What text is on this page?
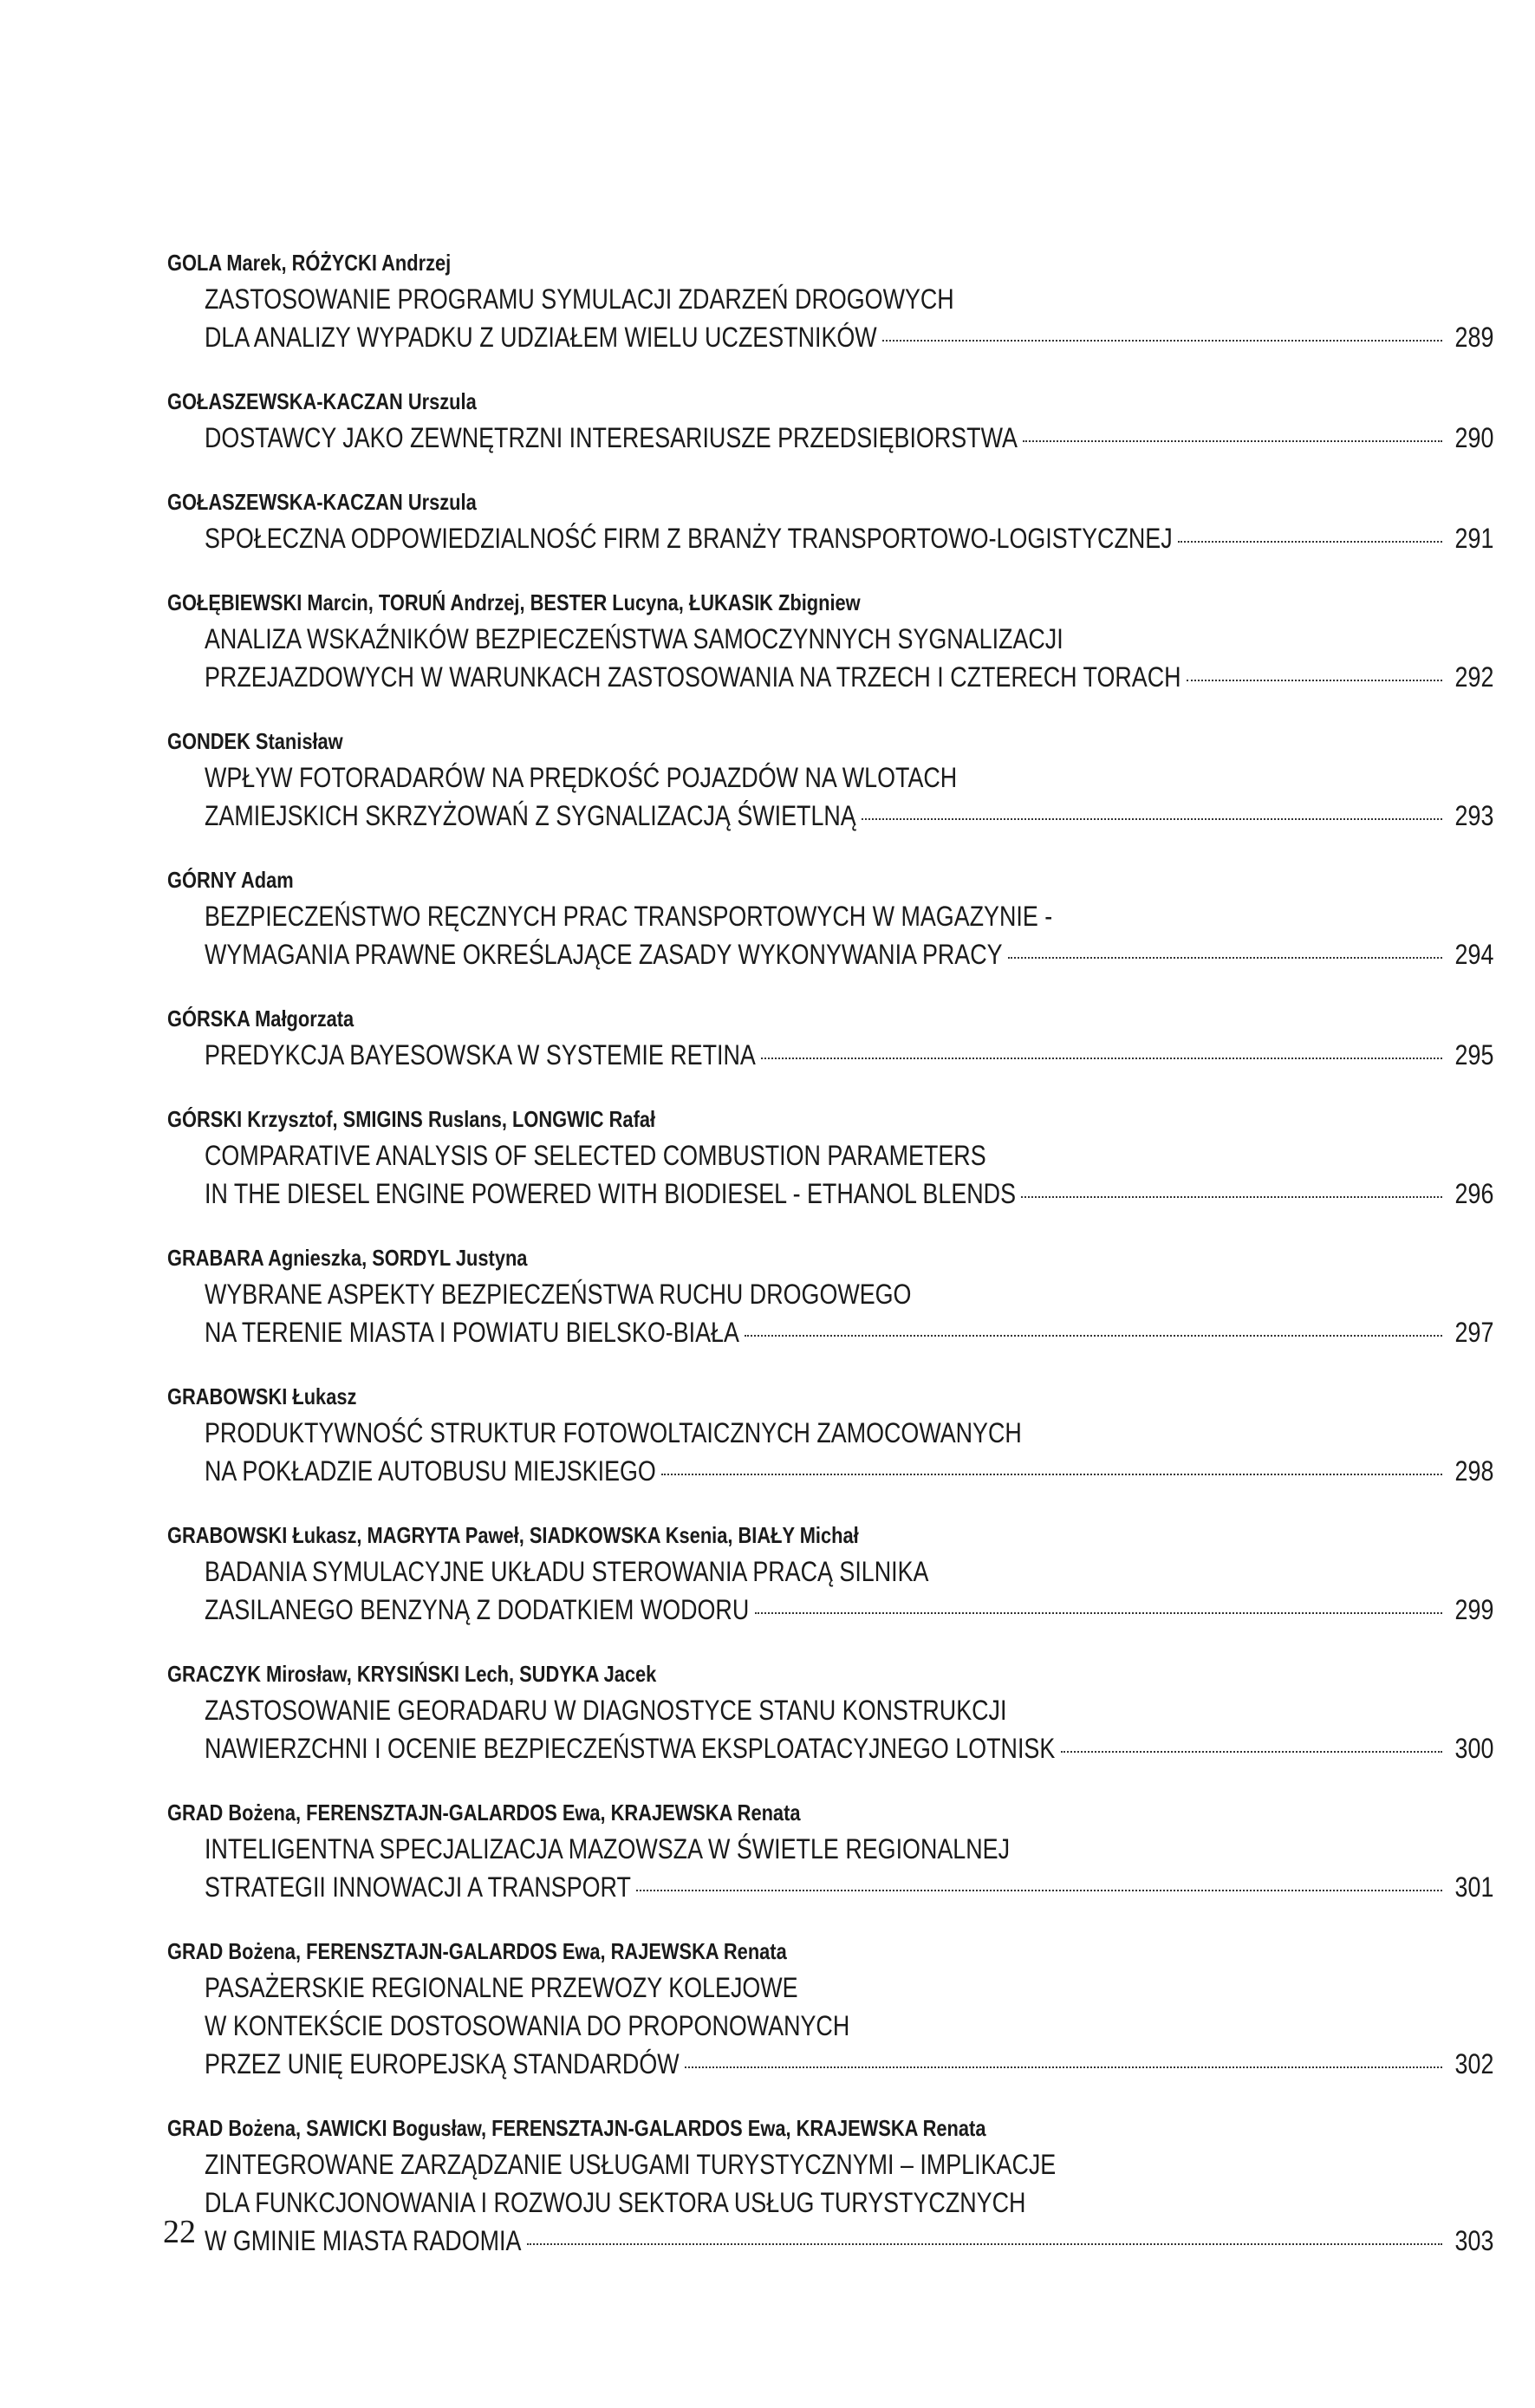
GOLA Marek, RÓŻYCKI Andrzej
ZASTOSOWANIE PROGRAMU SYMULACJI ZDARZEŃ DROGOWYCH
DLA ANALIZY WYPADKU Z UDZIAŁEM WIELU UCZESTNIKÓW	289
GOŁASZEWSKA-KACZAN Urszula
DOSTAWCY JAKO ZEWNĘTRZNI INTERESARIUSZE PRZEDSIĘBIORSTWA	290
GOŁASZEWSKA-KACZAN Urszula
SPOŁECZNA ODPOWIEDZIALNOŚĆ FIRM Z BRANŻY TRANSPORTOWO-LOGISTYCZNEJ	291
GOŁĘBIEWSKI Marcin, TORUŃ Andrzej, BESTER Lucyna, ŁUKASIK Zbigniew
ANALIZA WSKAŹNIKÓW BEZPIECZEŃSTWA SAMOCZYNNYCH SYGNALIZACJI
PRZEJAZDOWYCH W WARUNKACH ZASTOSOWANIA NA TRZECH I CZTERECH TORACH	292
GONDEK Stanisław
WPŁYW FOTORADARÓW NA PRĘDKOŚĆ POJAZDÓW NA WLOTACH
ZAMIEJSKICH SKRZYŻOWAŃ Z SYGNALIZACJĄ ŚWIETLNĄ	293
GÓRNY Adam
BEZPIECZEŃSTWO RĘCZNYCH PRAC TRANSPORTOWYCH W MAGAZYNIE -
WYMAGANIA PRAWNE OKREŚLAJĄCE ZASADY WYKONYWANIA PRACY	294
GÓRSKA Małgorzata
PREDYKCJA BAYESOWSKA W SYSTEMIE RETINA	295
GÓRSKI Krzysztof, SMIGINS Ruslans, LONGWIC Rafał
COMPARATIVE ANALYSIS OF SELECTED COMBUSTION PARAMETERS
IN THE DIESEL ENGINE POWERED WITH BIODIESEL - ETHANOL BLENDS	296
GRABARA Agnieszka, SORDYL Justyna
WYBRANE ASPEKTY BEZPIECZEŃSTWA RUCHU DROGOWEGO
NA TERENIE MIASTA I POWIATU BIELSKO-BIAŁA	297
GRABOWSKI Łukasz
PRODUKTYWNOŚĆ STRUKTUR FOTOWOLTAICZNYCH ZAMOCOWANYCH
NA POKŁADZIE AUTOBUSU MIEJSKIEGO	298
GRABOWSKI Łukasz, MAGRYTA Paweł, SIADKOWSKA Ksenia, BIAŁY Michał
BADANIA SYMULACYJNE UKŁADU STEROWANIA PRACĄ SILNIKA
ZASILANEGO BENZYNĄ Z DODATKIEM WODORU	299
GRACZYK Mirosław, KRYSIŃSKI Lech, SUDYKA Jacek
ZASTOSOWANIE GEORADARU W DIAGNOSTYCE STANU KONSTRUKCJI
NAWIERZCHNI I OCENIE BEZPIECZEŃSTWA EKSPLOATACYJNEGO LOTNISK	300
GRAD Bożena, FERENSZTAJN-GALARDOS Ewa, KRAJEWSKA Renata
INTELIGENTNA SPECJALIZACJA MAZOWSZA W ŚWIETLE REGIONALNEJ
STRATEGII INNOWACJI A TRANSPORT	301
GRAD Bożena, FERENSZTAJN-GALARDOS Ewa, RAJEWSKA Renata
PASAŻERSKIE REGIONALNE PRZEWOZY KOLEJOWE
W KONTEKŚCIE DOSTOSOWANIA DO PROPONOWANYCH
PRZEZ UNIĘ EUROPEJSKĄ STANDARDÓW	302
GRAD Bożena, SAWICKI Bogusław, FERENSZTAJN-GALARDOS Ewa, KRAJEWSKA Renata
ZINTEGROWANE ZARZĄDZANIE USŁUGAMI TURYSTYCZNYMI – IMPLIKACJE
DLA FUNKCJONOWANIA I ROZWOJU SEKTORA USŁUG TURYSTYCZNYCH
W GMINIE MIASTA RADOMIA	303
22
